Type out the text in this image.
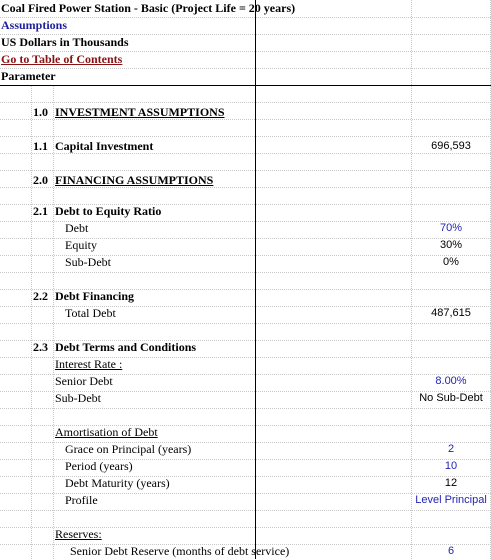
Coal Fired Power Station - Basic (Project Life = 20 years)
Assumptions
US Dollars in Thousands
Go to Table of Contents
Parameter
1.0 INVESTMENT ASSUMPTIONS
1.1 Capital Investment	696,593
2.0 FINANCING ASSUMPTIONS
2.1 Debt to Equity Ratio
Debt	70%
Equity	30%
Sub-Debt	0%
2.2 Debt Financing
Total Debt	487,615
2.3 Debt Terms and Conditions
Interest Rate :
Senior Debt	8.00%
Sub-Debt	No Sub-Debt
Amortisation of Debt
Grace on Principal (years)	2
Period (years)	10
Debt Maturity (years)	12
Profile	Level Principal
Reserves:
Senior Debt Reserve (months of debt service)	6
